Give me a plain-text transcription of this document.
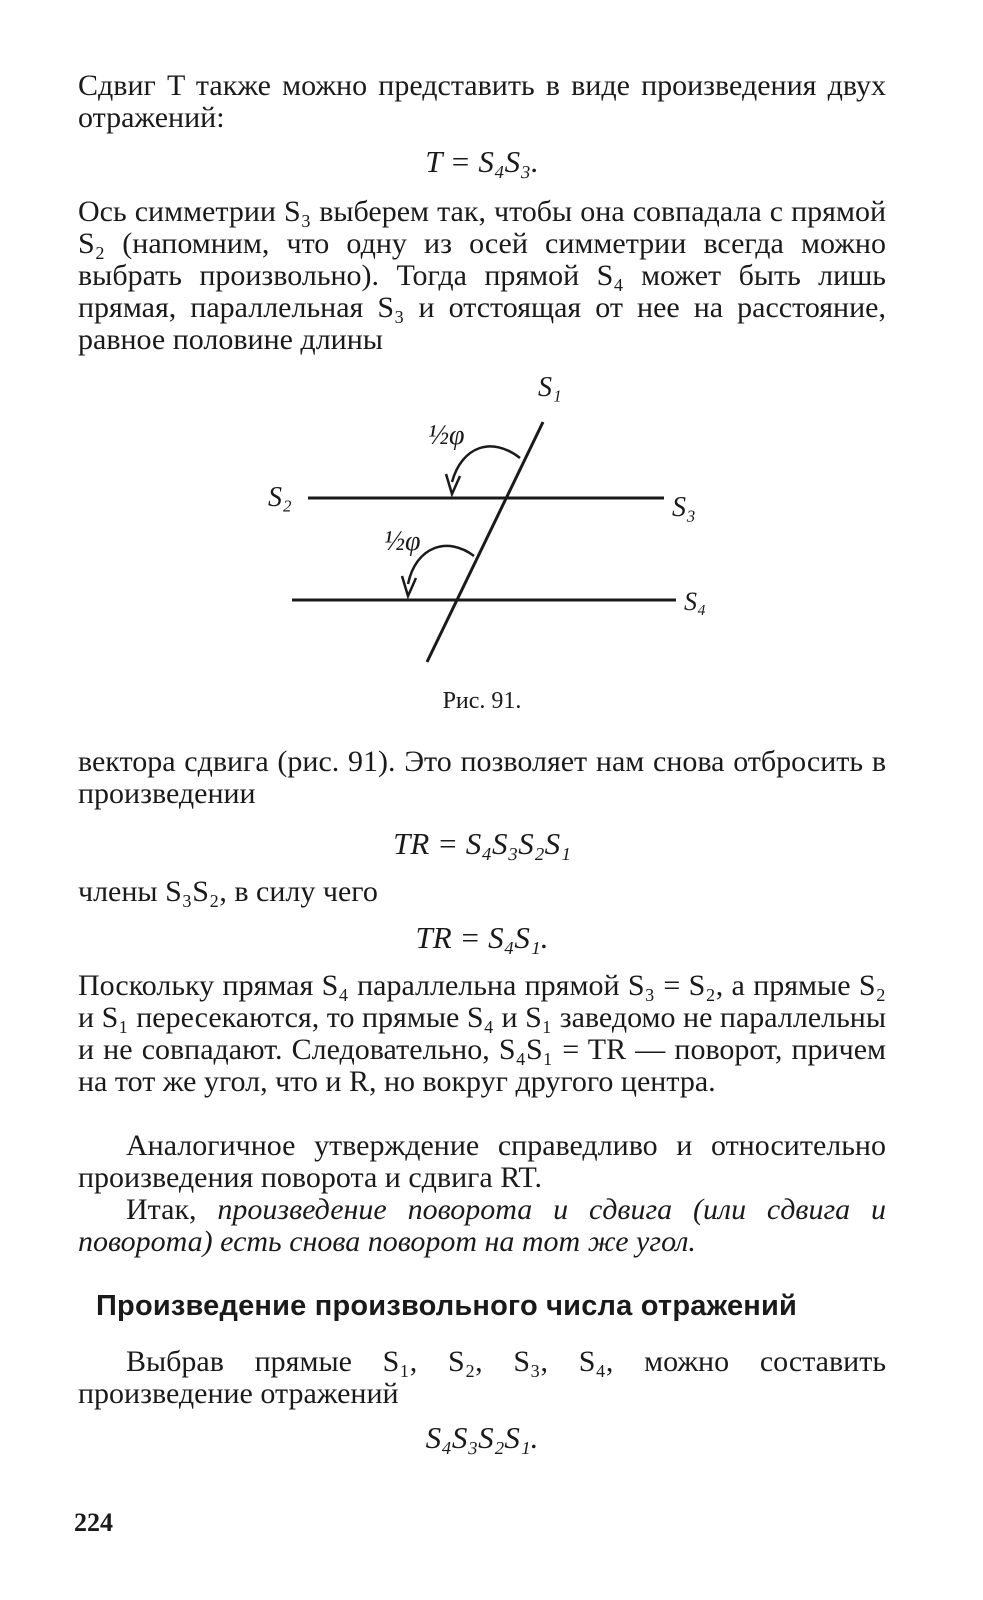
Сдвиг T также можно представить в виде произведения двух отражений:
T = S₄S₃.
Ось симметрии S₃ выберем так, чтобы она совпадала с прямой S₂ (напомним, что одну из осей симметрии всегда можно выбрать произвольно). Тогда прямой S₄ может быть лишь прямая, параллельная S₃ и отстоящая от нее на расстояние, равное половине длины
S₁
S₂	S₃
S₄
½φ
½φ
Рис. 91.
вектора сдвига (рис. 91). Это позволяет нам снова отбросить в произведении
TR = S₄S₃S₂S₁
члены S₃S₂, в силу чего
TR = S₄S₁.
Поскольку прямая S₄ параллельна прямой S₃ = S₂, а прямые S₂ и S₁ пересекаются, то прямые S₄ и S₁ заведомо не параллельны и не совпадают. Следовательно, S₄S₁ = TR — поворот, причем на тот же угол, что и R, но вокруг другого центра.
Аналогичное утверждение справедливо и относительно произведения поворота и сдвига RT.
Итак, произведение поворота и сдвига (или сдвига и поворота) есть снова поворот на тот же угол.
Произведение произвольного числа отражений
Выбрав прямые S₁, S₂, S₃, S₄, можно составить произведение отражений
S₄S₃S₂S₁.
224
